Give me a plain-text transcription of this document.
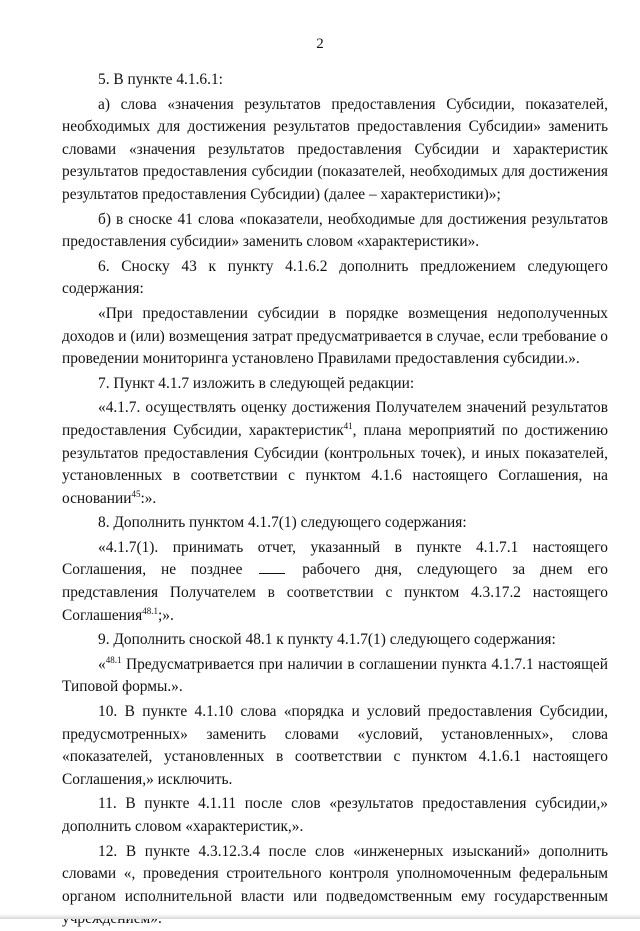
2

5. В пункте 4.1.6.1:

а) слова «значения результатов предоставления Субсидии, показателей, необходимых для достижения результатов предоставления Субсидии» заменить словами «значения результатов предоставления Субсидии и характеристик результатов предоставления субсидии (показателей, необходимых для достижения результатов предоставления Субсидии) (далее – характеристики)»;

б) в сноске 41 слова «показатели, необходимые для достижения результатов предоставления субсидии» заменить словом «характеристики».

6. Сноску 43 к пункту 4.1.6.2 дополнить предложением следующего содержания:

«При предоставлении субсидии в порядке возмещения недополученных доходов и (или) возмещения затрат предусматривается в случае, если требование о проведении мониторинга установлено Правилами предоставления субсидии.».

7. Пункт 4.1.7 изложить в следующей редакции:

«4.1.7. осуществлять оценку достижения Получателем значений результатов предоставления Субсидии, характеристик$^{41}$, плана мероприятий по достижению результатов предоставления Субсидии (контрольных точек), и иных показателей, установленных в соответствии с пунктом 4.1.6 настоящего Соглашения, на основании$^{45}$:».

8. Дополнить пунктом 4.1.7(1) следующего содержания:

«4.1.7(1). принимать отчет, указанный в пункте 4.1.7.1 настоящего Соглашения, не позднее	рабочего дня, следующего за днем его представления Получателем в соответствии с пунктом 4.3.17.2 настоящего Соглашения$^{48.1}$;».

9. Дополнить сноской 48.1 к пункту 4.1.7(1) следующего содержания:

«$^{48.1}$ Предусматривается при наличии в соглашении пункта 4.1.7.1 настоящей Типовой формы.».

10. В пункте 4.1.10 слова «порядка и условий предоставления Субсидии, предусмотренных» заменить словами «условий, установленных», слова «показателей, установленных в соответствии с пунктом 4.1.6.1 настоящего Соглашения,» исключить.

11. В пункте 4.1.11 после слов «результатов предоставления субсидии,» дополнить словом «характеристик,».

12. В пункте 4.3.12.3.4 после слов «инженерных изысканий» дополнить словами «, проведения строительного контроля уполномоченным федеральным органом исполнительной власти или подведомственным ему государственным
